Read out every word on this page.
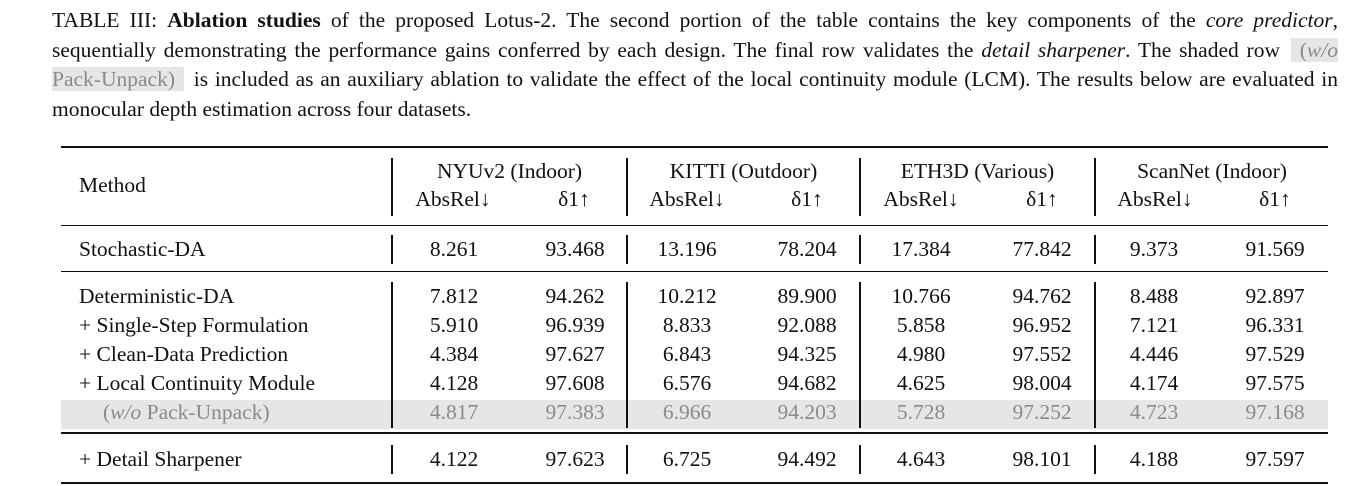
TABLE III: Ablation studies of the proposed Lotus-2. The second portion of the table contains the key components of the core predictor, sequentially demonstrating the performance gains conferred by each design. The final row validates the detail sharpener. The shaded row (w/o Pack-Unpack) is included as an auxiliary ablation to validate the effect of the local continuity module (LCM). The results below are evaluated in monocular depth estimation across four datasets.
Method
NYUv2 (Indoor)	KITTI (Outdoor)	ETH3D (Various)	ScanNet (Indoor)
AbsRel↓	δ1↑	AbsRel↓	δ1↑	AbsRel↓	δ1↑	AbsRel↓	δ1↑
Stochastic-DA	8.261	93.468	13.196	78.204	17.384	77.842	9.373	91.569
Deterministic-DA	7.812	94.262	10.212	89.900	10.766	94.762	8.488	92.897
+ Single-Step Formulation	5.910	96.939	8.833	92.088	5.858	96.952	7.121	96.331
+ Clean-Data Prediction	4.384	97.627	6.843	94.325	4.980	97.552	4.446	97.529
+ Local Continuity Module	4.128	97.608	6.576	94.682	4.625	98.004	4.174	97.575
(w/o Pack-Unpack)	4.817	97.383	6.966	94.203	5.728	97.252	4.723	97.168
+ Detail Sharpener	4.122	97.623	6.725	94.492	4.643	98.101	4.188	97.597
